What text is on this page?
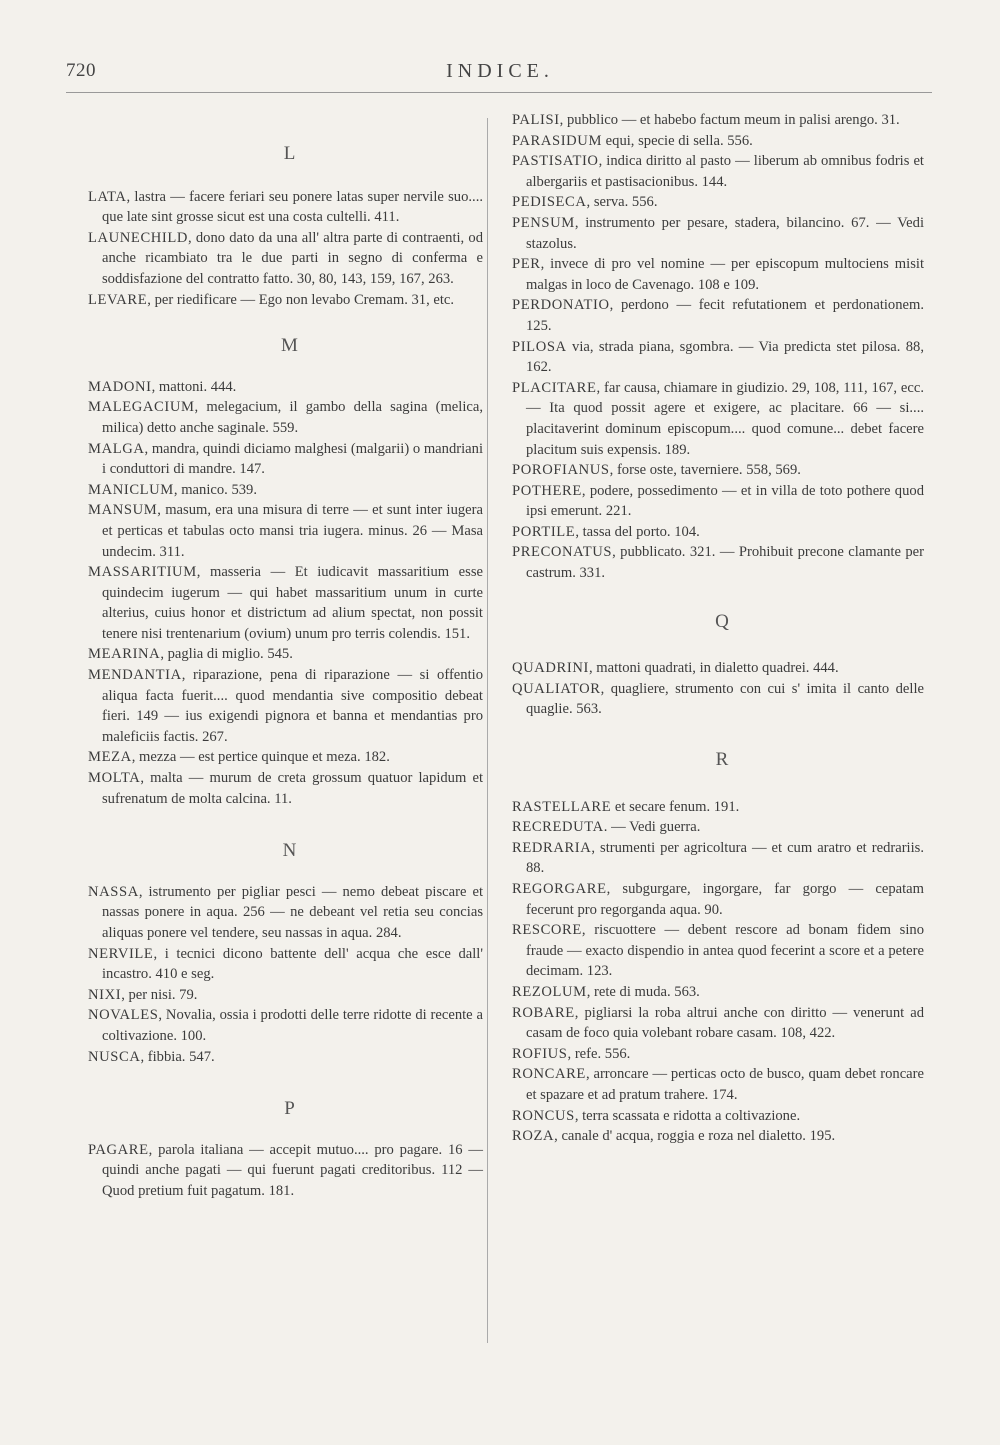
720	INDICE.
L
LATA, lastra — facere feriari seu ponere latas super nervile suo.... que late sint grosse sicut est una costa cultelli. 411.
LAUNECHILD, dono dato da una all' altra parte di contraenti, od anche ricambiato tra le due parti in segno di conferma e soddisfazione del contratto fatto. 30, 80, 143, 159, 167, 263.
LEVARE, per riedificare — Ego non levabo Cremam. 31, etc.
M
MADONI, mattoni. 444.
MALEGACIUM, melegacium, il gambo della sagina (melica, milica) detto anche saginale. 559.
MALGA, mandra, quindi diciamo malghesi (malgarii) o mandriani i conduttori di mandre. 147.
MANICLUM, manico. 539.
MANSUM, masum, era una misura di terre — et sunt inter iugera et perticas et tabulas octo mansi tria iugera. minus. 26 — Masa undecim. 311.
MASSARITIUM, masseria — Et iudicavit massaritium esse quindecim iugerum — qui habet massaritium unum in curte alterius, cuius honor et districtum ad alium spectat, non possit tenere nisi trentenarium (ovium) unum pro terris colendis. 151.
MEARINA, paglia di miglio. 545.
MENDANTIA, riparazione, pena di riparazione — si offentio aliqua facta fuerit.... quod mendantia sive compositio debeat fieri. 149 — ius exigendi pignora et banna et mendantias pro maleficiis factis. 267.
MEZA, mezza — est pertice quinque et meza. 182.
MOLTA, malta — murum de creta grossum quatuor lapidum et sufrenatum de molta calcina. 11.
N
NASSA, istrumento per pigliar pesci — nemo debeat piscare et nassas ponere in aqua. 256 — ne debeant vel retia seu concias aliquas ponere vel tendere, seu nassas in aqua. 284.
NERVILE, i tecnici dicono battente dell' acqua che esce dall' incastro. 410 e seg.
NIXI, per nisi. 79.
NOVALES, Novalia, ossia i prodotti delle terre ridotte di recente a coltivazione. 100.
NUSCA, fibbia. 547.
P
PAGARE, parola italiana — accepit mutuo.... pro pagare. 16 — quindi anche pagati — qui fuerunt pagati creditoribus. 112 — Quod pretium fuit pagatum. 181.
PALISI, pubblico — et habebo factum meum in palisi arengo. 31.
PARASIDUM equi, specie di sella. 556.
PASTISATIO, indica diritto al pasto — liberum ab omnibus fodris et albergariis et pastisacionibus. 144.
PEDISECA, serva. 556.
PENSUM, instrumento per pesare, stadera, bilancino. 67. — Vedi stazolus.
PER, invece di pro vel nomine — per episcopum multociens misit malgas in loco de Cavenago. 108 e 109.
PERDONATIO, perdono — fecit refutationem et perdonationem. 125.
PILOSA via, strada piana, sgombra. — Via predicta stet pilosa. 88, 162.
PLACITARE, far causa, chiamare in giudizio. 29, 108, 111, 167, ecc. — Ita quod possit agere et exigere, ac placitare. 66 — si.... placitaverint dominum episcopum.... quod comune... debet facere placitum suis expensis. 189.
POROFIANUS, forse oste, taverniere. 558, 569.
POTHERE, podere, possedimento — et in villa de toto pothere quod ipsi emerunt. 221.
PORTILE, tassa del porto. 104.
PRECONATUS, pubblicato. 321. — Prohibuit precone clamante per castrum. 331.
Q
QUADRINI, mattoni quadrati, in dialetto quadrei. 444.
QUALIATOR, quagliere, strumento con cui s' imita il canto delle quaglie. 563.
R
RASTELLARE et secare fenum. 191.
RECREDUTA. — Vedi guerra.
REDRARIA, strumenti per agricoltura — et cum aratro et redrariis. 88.
REGORGARE, subgurgare, ingorgare, far gorgo — cepatam fecerunt pro regorganda aqua. 90.
RESCORE, riscuottere — debent rescore ad bonam fidem sino fraude — exacto dispendio in antea quod fecerint a score et a petere decimam. 123.
REZOLUM, rete di muda. 563.
ROBARE, pigliarsi la roba altrui anche con diritto — venerunt ad casam de foco quia volebant robare casam. 108, 422.
ROFIUS, refe. 556.
RONCARE, arroncare — perticas octo de busco, quam debet roncare et spazare et ad pratum trahere. 174.
RONCUS, terra scassata e ridotta a coltivazione.
ROZA, canale d' acqua, roggia e roza nel dialetto. 195.
